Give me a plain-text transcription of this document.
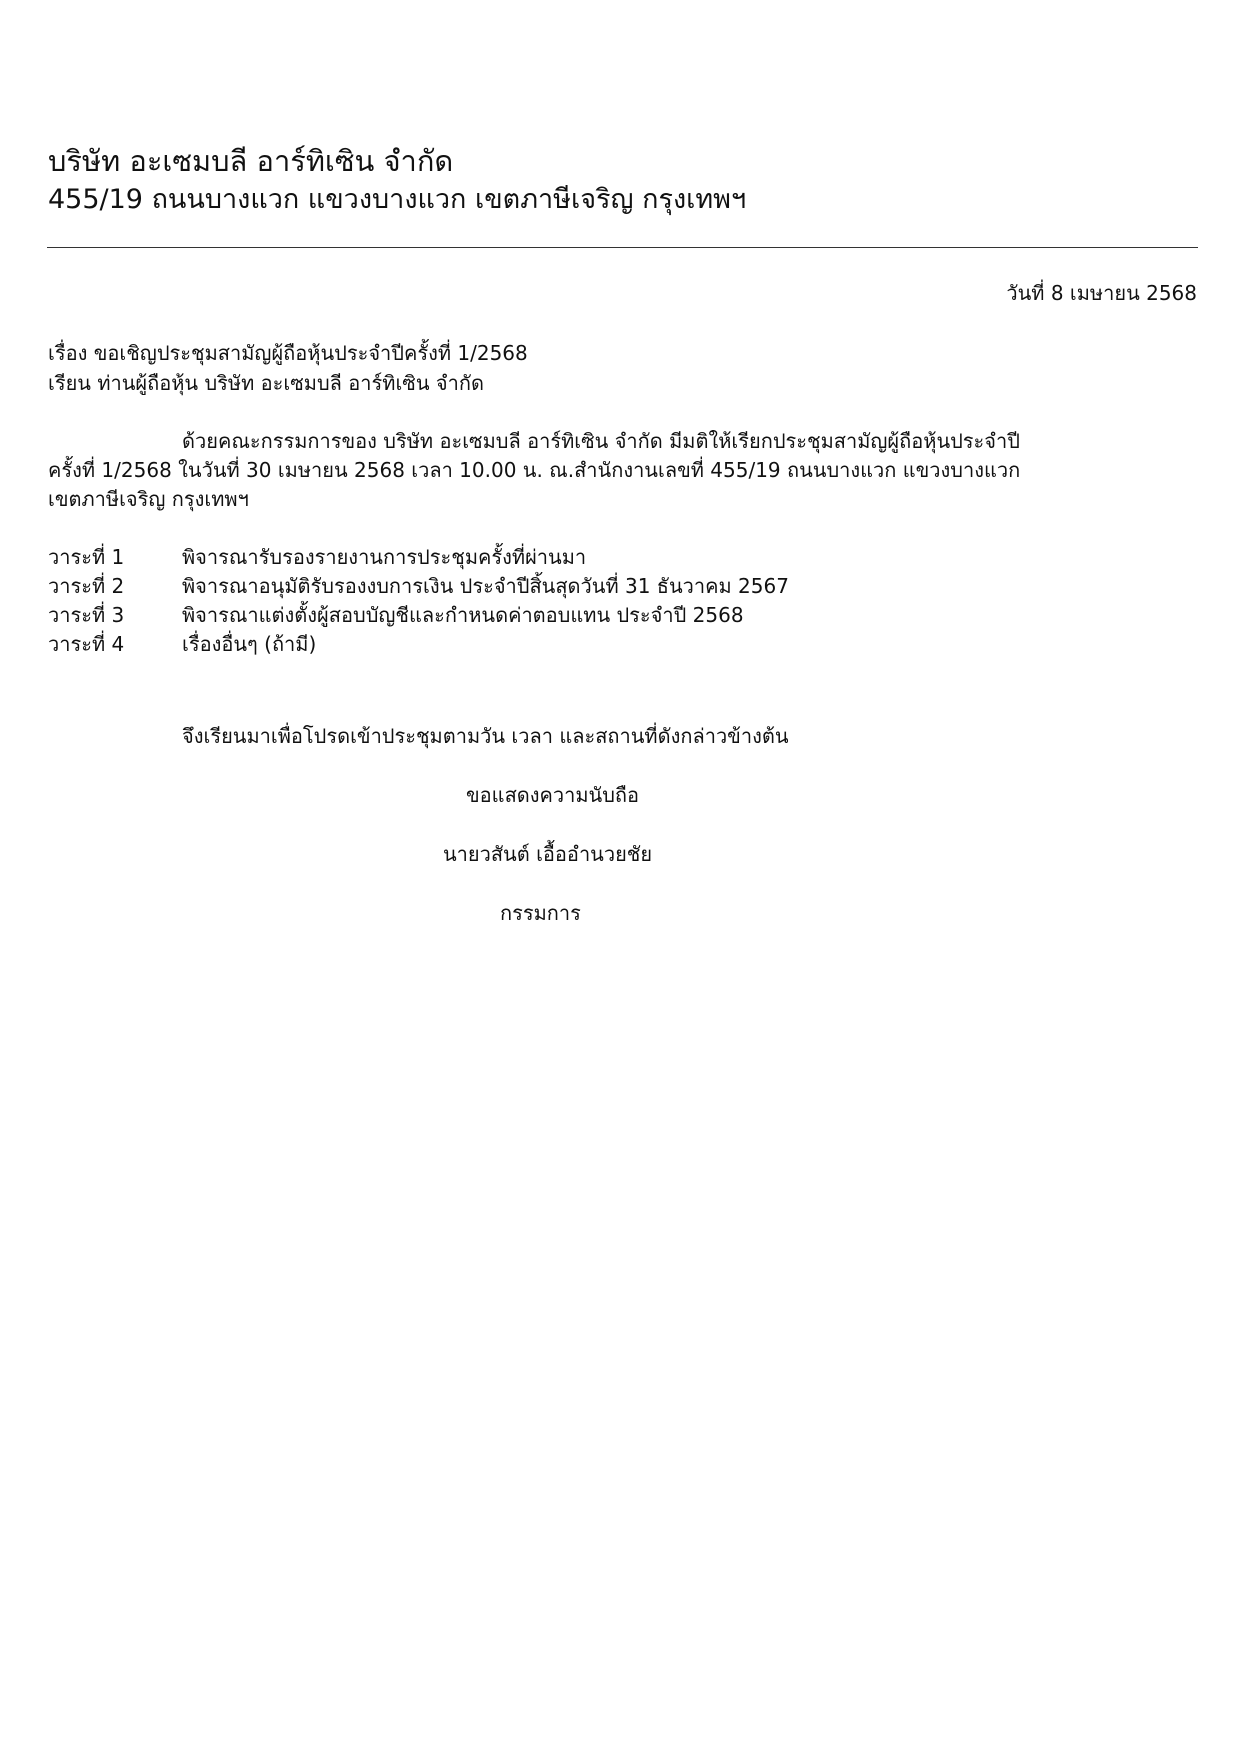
บริษัท อะเซมบลี อาร์ทิเซิน จำกัด
455/19 ถนนบางแวก แขวงบางแวก เขตภาษีเจริญ กรุงเทพฯ
วันที่ 8 เมษายน 2568
เรื่อง ขอเชิญประชุมสามัญผู้ถือหุ้นประจำปีครั้งที่ 1/2568
เรียน ท่านผู้ถือหุ้น บริษัท อะเซมบลี อาร์ทิเซิน จำกัด
ด้วยคณะกรรมการของ บริษัท อะเซมบลี อาร์ทิเซิน จำกัด มีมติให้เรียกประชุมสามัญผู้ถือหุ้นประจำปี
ครั้งที่ 1/2568 ในวันที่ 30 เมษายน 2568 เวลา 10.00 น. ณ.สำนักงานเลขที่ 455/19 ถนนบางแวก แขวงบางแวก
เขตภาษีเจริญ กรุงเทพฯ
วาระที่ 1	พิจารณารับรองรายงานการประชุมครั้งที่ผ่านมา
วาระที่ 2	พิจารณาอนุมัติรับรองงบการเงิน ประจำปีสิ้นสุดวันที่ 31 ธันวาคม 2567
วาระที่ 3	พิจารณาแต่งตั้งผู้สอบบัญชีและกำหนดค่าตอบแทน ประจำปี 2568
วาระที่ 4	เรื่องอื่นๆ (ถ้ามี)
จึงเรียนมาเพื่อโปรดเข้าประชุมตามวัน เวลา และสถานที่ดังกล่าวข้างต้น
ขอแสดงความนับถือ
นายวสันต์ เอื้ออำนวยชัย
กรรมการ
